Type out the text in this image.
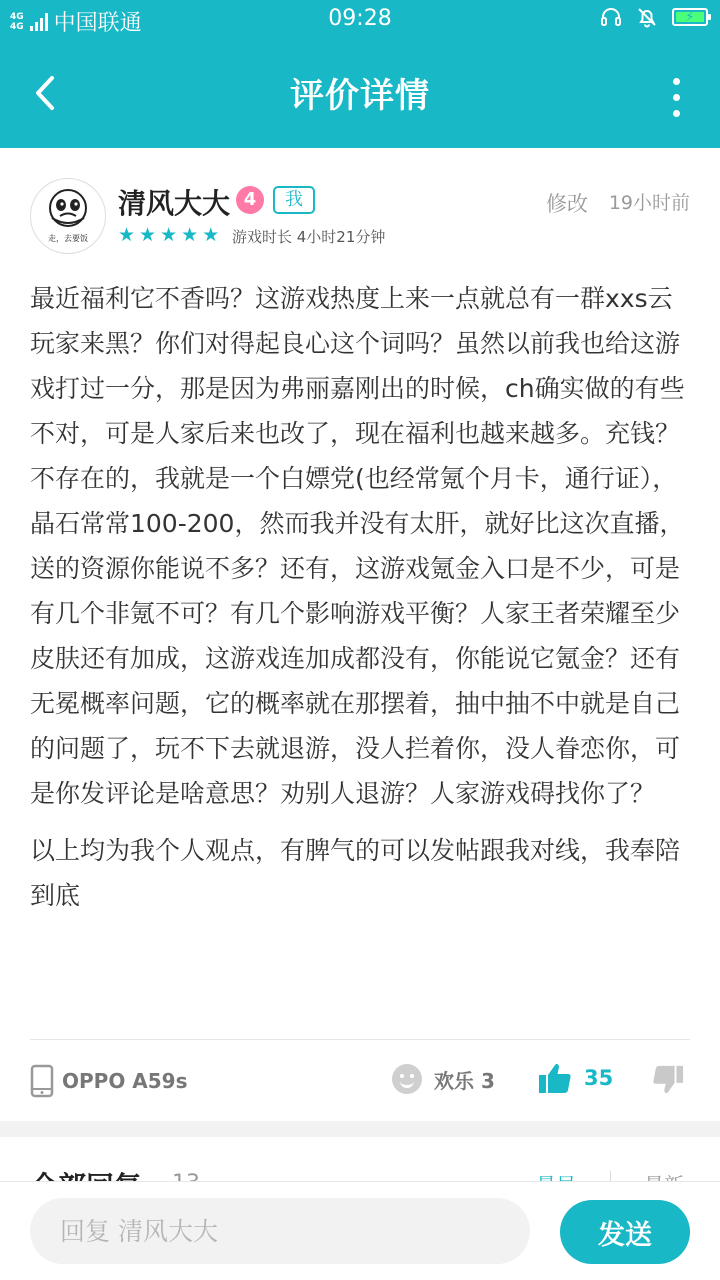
4G
4G 中国联通	09:28	⚡
评价详情
走，去要饭
清风大大 4	我	修改 19小时前
★ ★ ★ ★ ★ 游戏时长 4小时21分钟

最近福利它不香吗？这游戏热度上来一点就总有一群xxs云玩家来黑？你们对得起良心这个词吗？虽然以前我也给这游戏打过一分，那是因为弗丽嘉刚出的时候，ch确实做的有些不对，可是人家后来也改了，现在福利也越来越多。充钱？不存在的，我就是一个白嫖党(也经常氪个月卡，通行证），晶石常常100-200，然而我并没有太肝，就好比这次直播，送的资源你能说不多？还有，这游戏氪金入口是不少，可是有几个非氪不可？有几个影响游戏平衡？人家王者荣耀至少皮肤还有加成，这游戏连加成都没有，你能说它氪金？还有无冕概率问题，它的概率就在那摆着，抽中抽不中就是自己的问题了，玩不下去就退游，没人拦着你，没人眷恋你，可是你发评论是啥意思？劝别人退游？人家游戏碍找你了？

以上均为我个人观点，有脾气的可以发帖跟我对线，我奉陪到底

OPPO A59s	欢乐 3	35
回复 清风大大
发送
